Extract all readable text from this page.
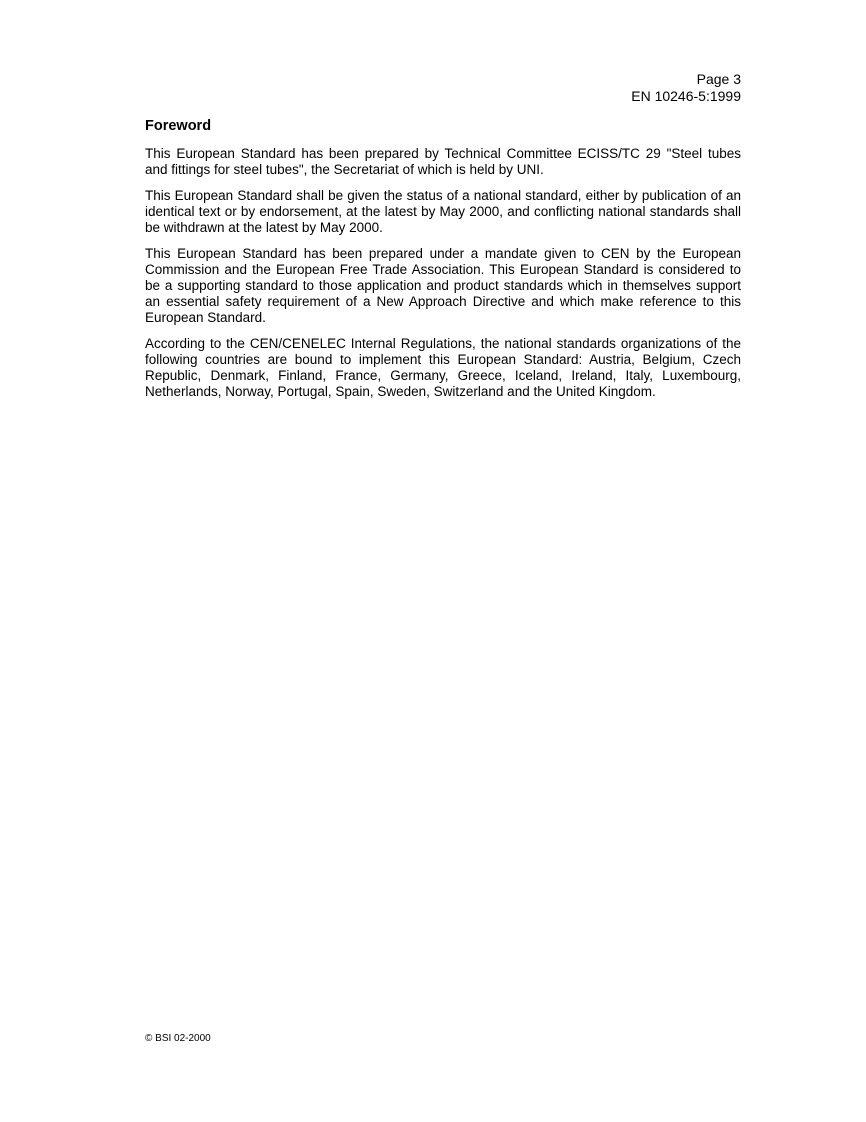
Page 3
EN 10246-5:1999
Foreword

This European Standard has been prepared by Technical Committee ECISS/TC 29 "Steel tubes and fittings for steel tubes", the Secretariat of which is held by UNI.

This European Standard shall be given the status of a national standard, either by publication of an identical text or by endorsement, at the latest by May 2000, and conflicting national standards shall be withdrawn at the latest by May 2000.

This European Standard has been prepared under a mandate given to CEN by the European Commission and the European Free Trade Association. This European Standard is considered to be a supporting standard to those application and product standards which in themselves support an essential safety requirement of a New Approach Directive and which make reference to this European Standard.

According to the CEN/CENELEC Internal Regulations, the national standards organizations of the following countries are bound to implement this European Standard: Austria, Belgium, Czech Republic, Denmark, Finland, France, Germany, Greece, Iceland, Ireland, Italy, Luxembourg, Netherlands, Norway, Portugal, Spain, Sweden, Switzerland and the United Kingdom.

© BSI 02-2000
